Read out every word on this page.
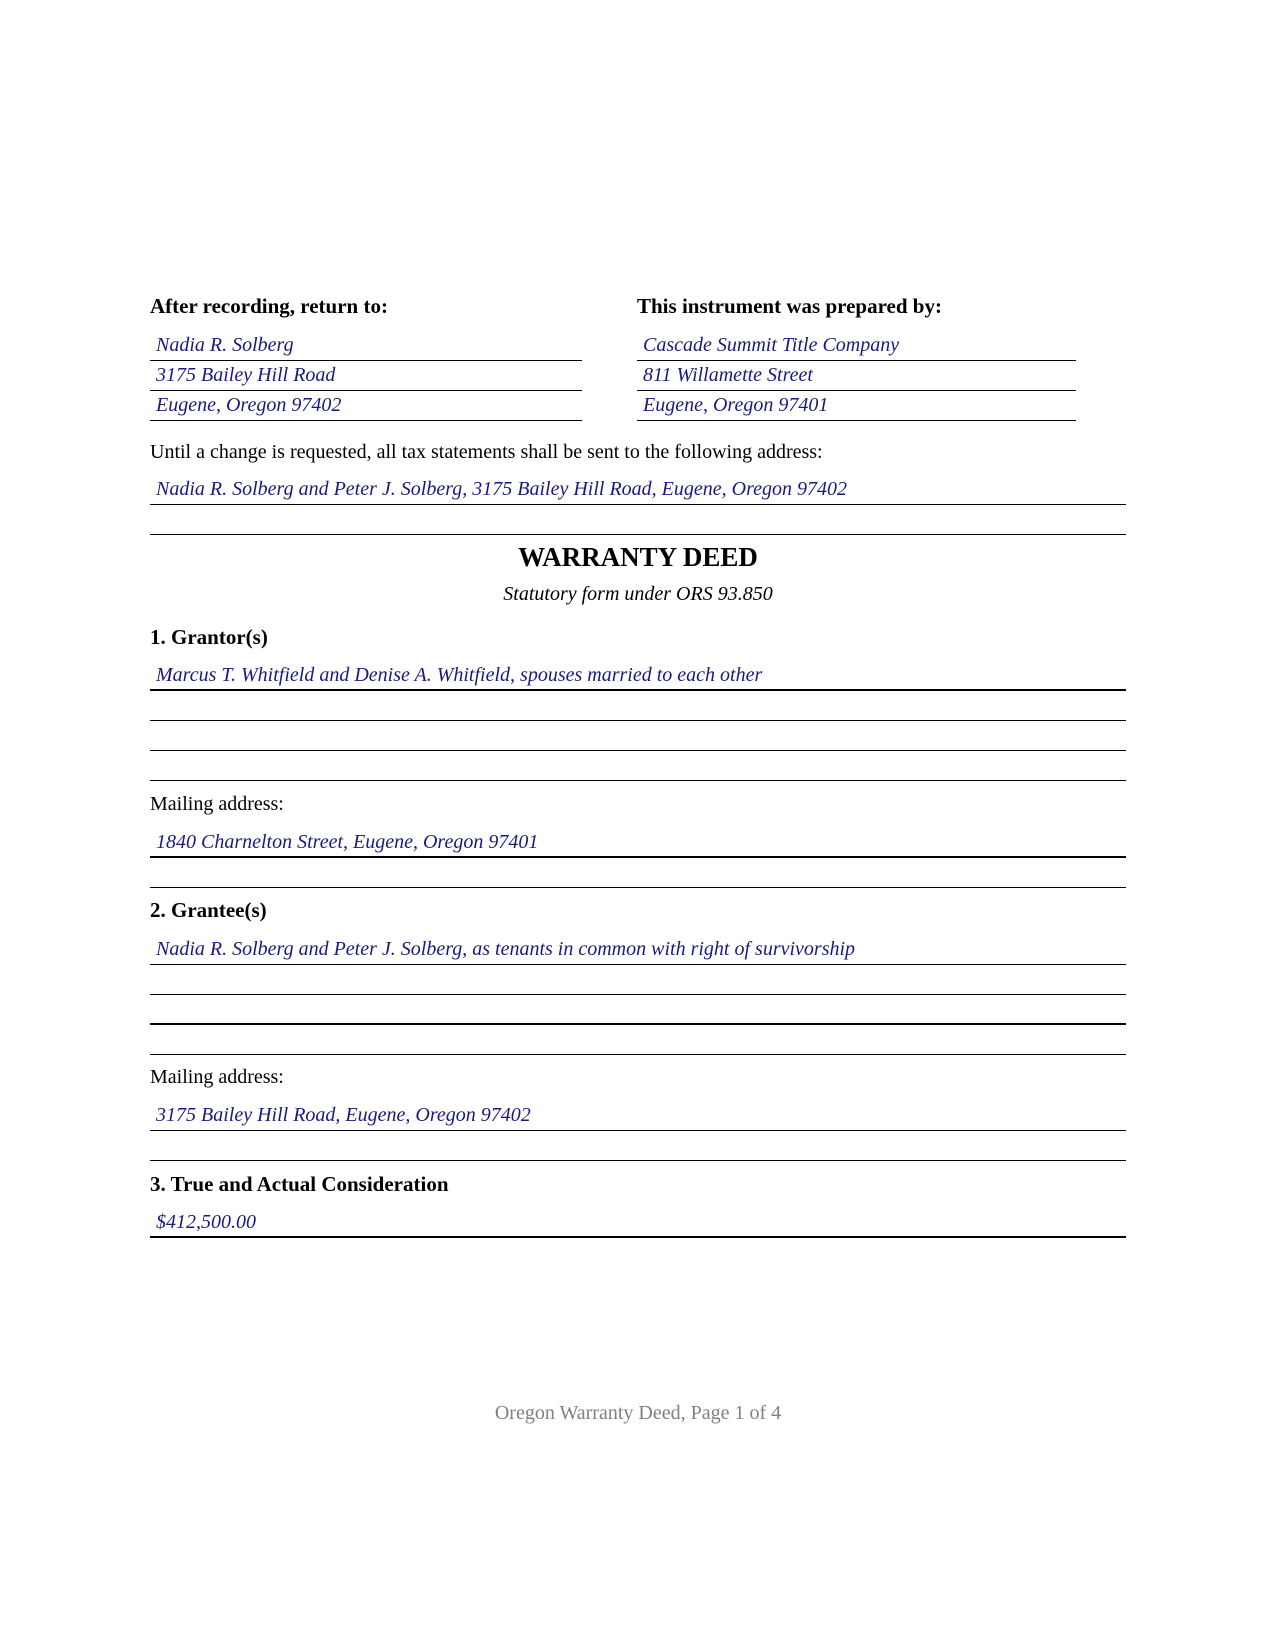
After recording, return to:
Nadia R. Solberg
3175 Bailey Hill Road
Eugene, Oregon 97402
This instrument was prepared by:
Cascade Summit Title Company
811 Willamette Street
Eugene, Oregon 97401
Until a change is requested, all tax statements shall be sent to the following address:
Nadia R. Solberg and Peter J. Solberg, 3175 Bailey Hill Road, Eugene, Oregon 97402
WARRANTY DEED
Statutory form under ORS 93.850
1. Grantor(s)
Marcus T. Whitfield and Denise A. Whitfield, spouses married to each other
Mailing address:
1840 Charnelton Street, Eugene, Oregon 97401
2. Grantee(s)
Nadia R. Solberg and Peter J. Solberg, as tenants in common with right of survivorship
Mailing address:
3175 Bailey Hill Road, Eugene, Oregon 97402
3. True and Actual Consideration
$412,500.00
Oregon Warranty Deed, Page 1 of 4
